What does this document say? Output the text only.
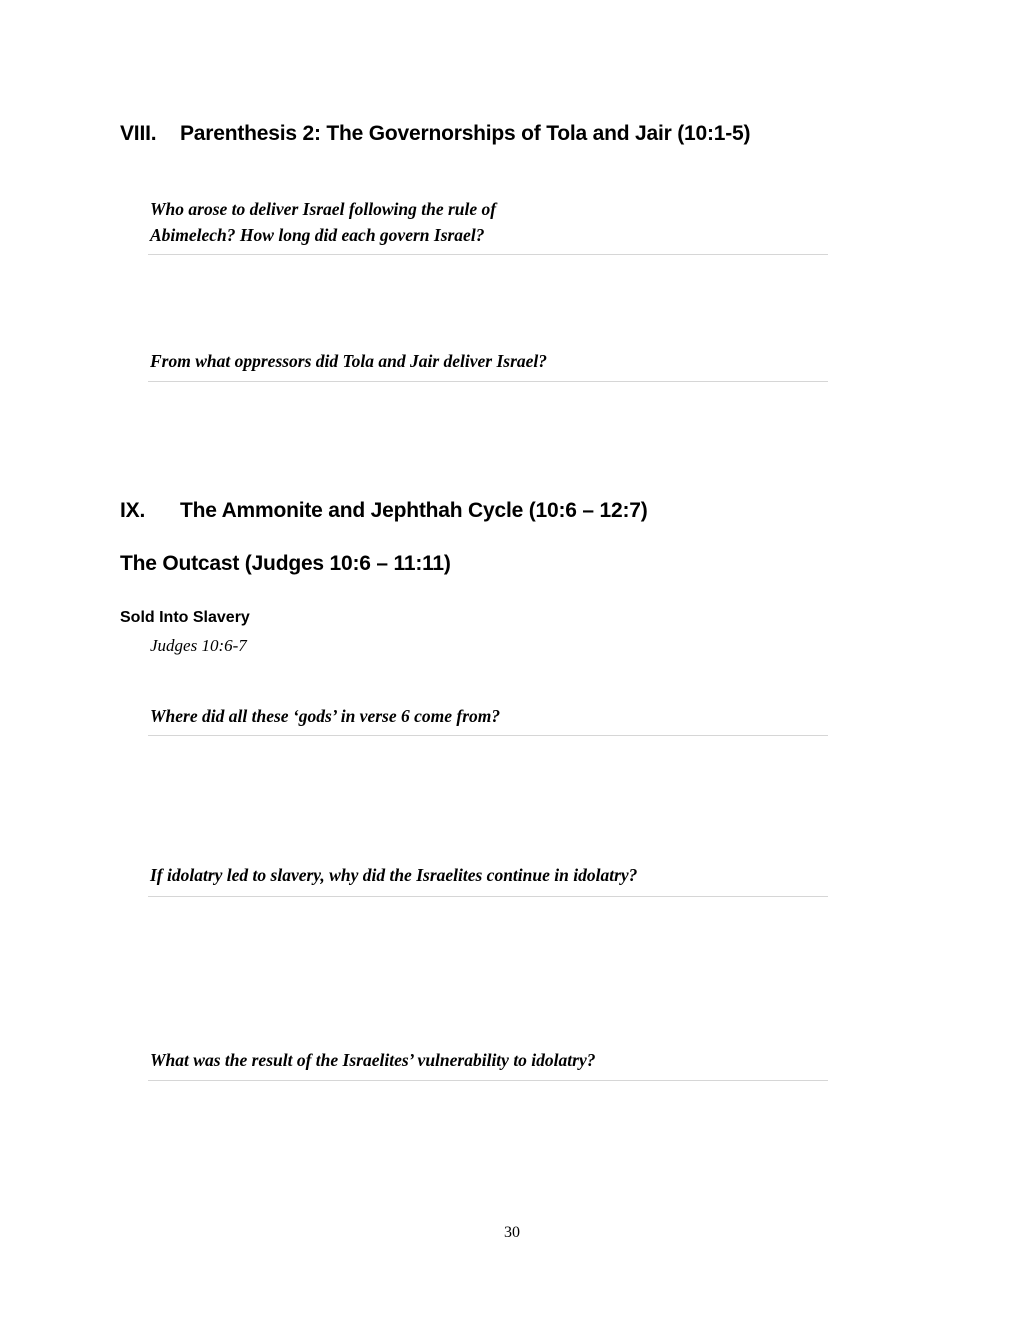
VIII. Parenthesis 2: The Governorships of Tola and Jair (10:1-5)
Who arose to deliver Israel following the rule of
Abimelech? How long did each govern Israel?
From what oppressors did Tola and Jair deliver Israel?
IX. The Ammonite and Jephthah Cycle (10:6 – 12:7)
The Outcast (Judges 10:6 – 11:11)
Sold Into Slavery
Judges 10:6-7
Where did all these ‘gods’ in verse 6 come from?
If idolatry led to slavery, why did the Israelites continue in idolatry?
What was the result of the Israelites’ vulnerability to idolatry?
30
